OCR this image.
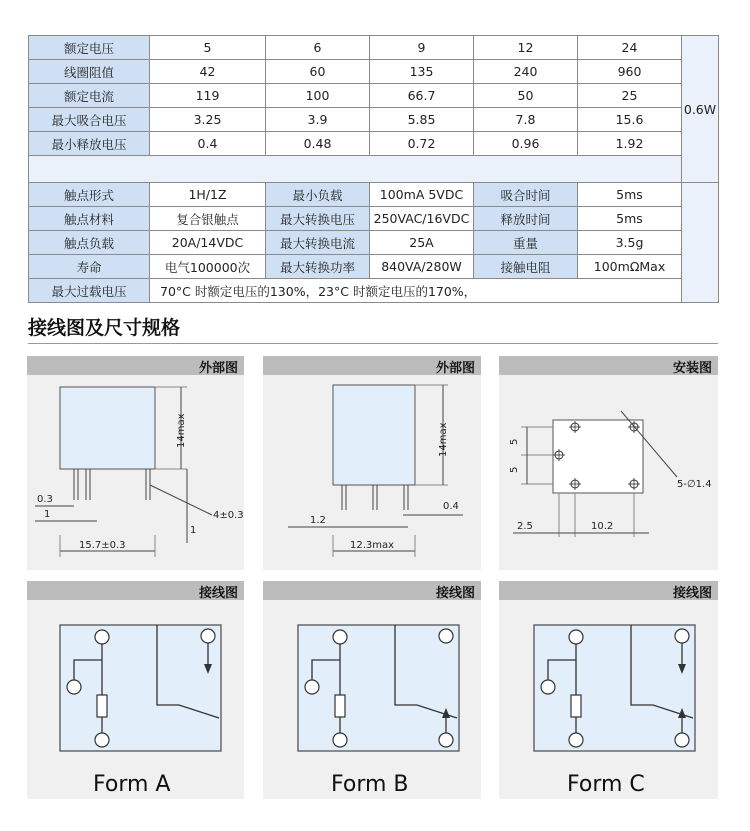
额定电压	5	6	9	12	24	0.6W
线圈阻值	42	60	135	240	960	
额定电流	119	100	66.7	50	25	
最大吸合电压	3.25	3.9	5.85	7.8	15.6	
最小释放电压	0.4	0.48	0.72	0.96	1.92	

触点形式	1H/1Z	最小负载	100mA 5VDC	吸合时间	5ms	
触点材料	复合银触点	最大转换电压	250VAC/16VDC	释放时间	5ms	
触点负载	20A/14VDC	最大转换电流	25A	重量	3.5g	
寿命	电气100000次	最大转换功率	840VA/280W	接触电阻	100mΩMax	
最大过载电压	70°C 时额定电压的130%，23°C 时额定电压的170%，					
接线图及尺寸规格
外部图
14max
0.3
1
15.7±0.3
4±0.3
1
外部图
14max
1.2
0.4
12.3max
安装图
5
5
5-∅1.4
2.5	10.2
接线图
Form A
接线图
Form B
接线图
Form C
